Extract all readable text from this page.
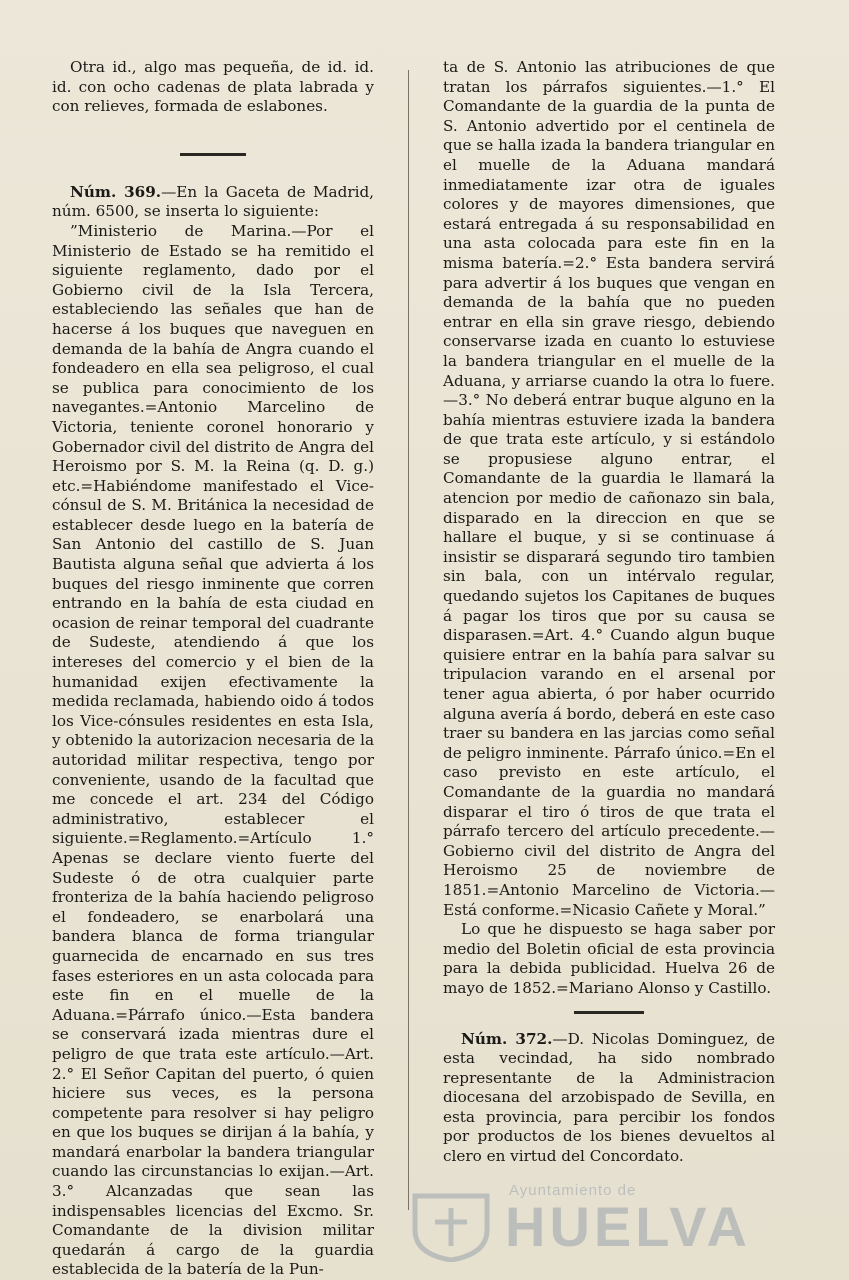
Otra id., algo mas pequeña, de id. id. id. con ocho cadenas de plata labrada y con relieves, formada de eslabones.

Núm. 369.—En la Gaceta de Madrid, núm. 6500, se inserta lo siguiente:

”Ministerio de Marina.—Por el Ministerio de Estado se ha remitido el siguiente reglamento, dado por el Gobierno civil de la Isla Tercera, estableciendo las señales que han de hacerse á los buques que naveguen en demanda de la bahía de Angra cuando el fondeadero en ella sea peligroso, el cual se publica para conocimiento de los navegantes.=Antonio Marcelino de Victoria, teniente coronel honorario y Gobernador civil del distrito de Angra del Heroismo por S. M. la Reina (q. D. g.) etc.=Habiéndome manifestado el Vice-cónsul de S. M. Británica la necesidad de establecer desde luego en la batería de San Antonio del castillo de S. Juan Bautista alguna señal que advierta á los buques del riesgo inminente que corren entrando en la bahía de esta ciudad en ocasion de reinar temporal del cuadrante de Sudeste, atendiendo á que los intereses del comercio y el bien de la humanidad exijen efectivamente la medida reclamada, habiendo oido á todos los Vice-cónsules residentes en esta Isla, y obtenido la autorizacion necesaria de la autoridad militar respectiva, tengo por conveniente, usando de la facultad que me concede el art. 234 del Código administrativo, establecer el siguiente.=Reglamento.=Artículo 1.° Apenas se declare viento fuerte del Sudeste ó de otra cualquier parte fronteriza de la bahía haciendo peligroso el fondeadero, se enarbolará una bandera blanca de forma triangular guarnecida de encarnado en sus tres fases esteriores en un asta colocada para este fin en el muelle de la Aduana.=Párrafo único.—Esta bandera se conservará izada mientras dure el peligro de que trata este artículo.—Art. 2.° El Señor Capitan del puerto, ó quien hiciere sus veces, es la persona competente para resolver si hay peligro en que los buques se dirijan á la bahía, y mandará enarbolar la bandera triangular cuando las circunstancias lo exijan.—Art. 3.° Alcanzadas que sean las indispensables licencias del Excmo. Sr. Comandante de la division militar quedarán á cargo de la guardia establecida de la batería de la Pun-

ta de S. Antonio las atribuciones de que tratan los párrafos siguientes.—1.° El Comandante de la guardia de la punta de S. Antonio advertido por el centinela de que se halla izada la bandera triangular en el muelle de la Aduana mandará inmediatamente izar otra de iguales colores y de mayores dimensiones, que estará entregada á su responsabilidad en una asta colocada para este fin en la misma batería.=2.° Esta bandera servirá para advertir á los buques que vengan en demanda de la bahía que no pueden entrar en ella sin grave riesgo, debiendo conservarse izada en cuanto lo estuviese la bandera triangular en el muelle de la Aduana, y arriarse cuando la otra lo fuere.—3.° No deberá entrar buque alguno en la bahía mientras estuviere izada la bandera de que trata este artículo, y si estándolo se propusiese alguno entrar, el Comandante de la guardia le llamará la atencion por medio de cañonazo sin bala, disparado en la direccion en que se hallare el buque, y si se continuase á insistir se disparará segundo tiro tambien sin bala, con un intérvalo regular, quedando sujetos los Capitanes de buques á pagar los tiros que por su causa se disparasen.=Art. 4.° Cuando algun buque quisiere entrar en la bahía para salvar su tripulacion varando en el arsenal por tener agua abierta, ó por haber ocurrido alguna avería á bordo, deberá en este caso traer su bandera en las jarcias como señal de peligro inminente. Párrafo único.=En el caso previsto en este artículo, el Comandante de la guardia no mandará disparar el tiro ó tiros de que trata el párrafo tercero del artículo precedente.—Gobierno civil del distrito de Angra del Heroismo 25 de noviembre de 1851.=Antonio Marcelino de Victoria.—Está conforme.=Nicasio Cañete y Moral.”

Lo que he dispuesto se haga saber por medio del Boletin oficial de esta provincia para la debida publicidad. Huelva 26 de mayo de 1852.=Mariano Alonso y Castillo.

Núm. 372.—D. Nicolas Dominguez, de esta vecindad, ha sido nombrado representante de la Administracion diocesana del arzobispado de Sevilla, en esta provincia, para percibir los fondos por productos de los bienes devueltos al clero en virtud del Concordato.

Ayuntamiento de
HUELVA
